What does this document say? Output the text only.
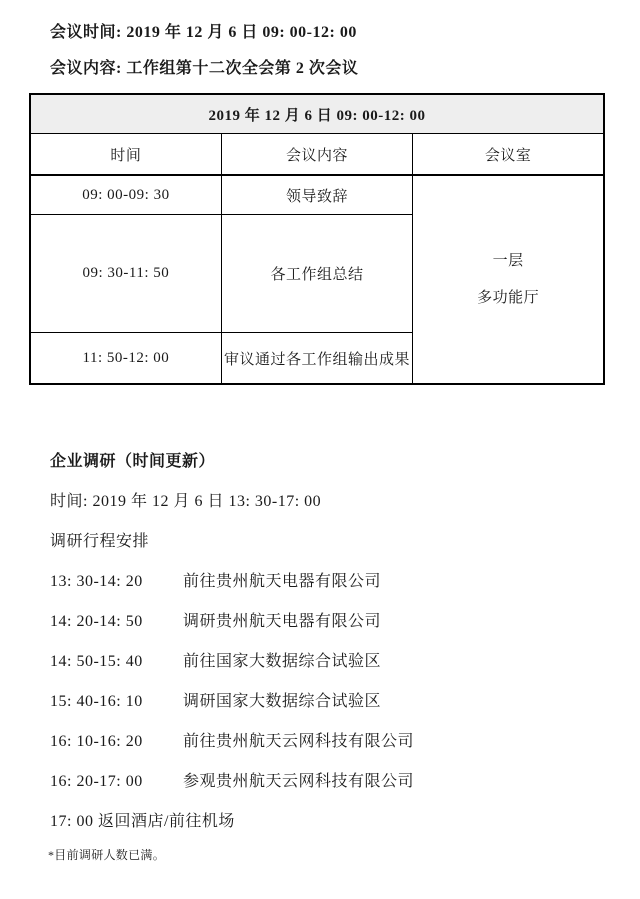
会议时间: 2019 年 12 月 6 日 09: 00-12: 00

会议内容: 工作组第十二次全会第 2 次会议

2019 年 12 月 6 日 09: 00-12: 00		
时间	会议内容	会议室
09: 00-09: 30	领导致辞	一层
多功能厅

09: 30-11: 50	各工作组总结	
11: 50-12: 00	审议通过各工作组输出成果	

企业调研（时间更新）

时间: 2019 年 12 月 6 日 13: 30-17: 00

调研行程安排

13: 30-14: 20	前往贵州航天电器有限公司

14: 20-14: 50	调研贵州航天电器有限公司

14: 50-15: 40	前往国家大数据综合试验区

15: 40-16: 10	调研国家大数据综合试验区

16: 10-16: 20	前往贵州航天云网科技有限公司

16: 20-17: 00	参观贵州航天云网科技有限公司

17: 00 返回酒店/前往机场

*目前调研人数已满。
